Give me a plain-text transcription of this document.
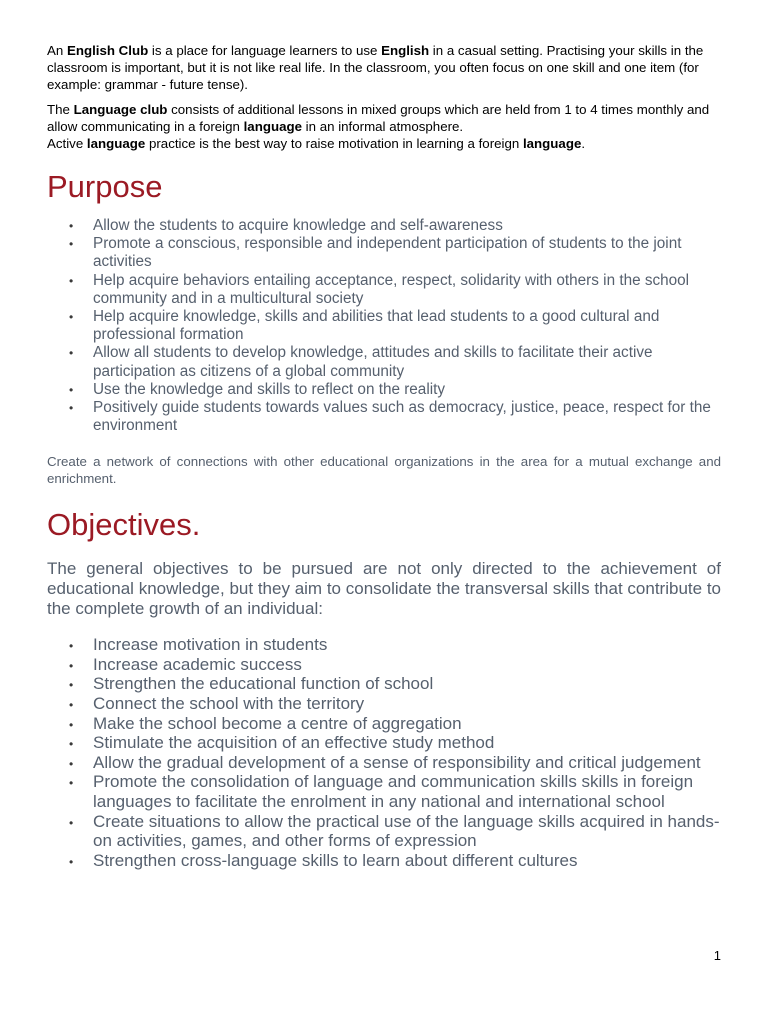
An English Club is a place for language learners to use English in a casual setting. Practising your skills in the classroom is important, but it is not like real life. In the classroom, you often focus on one skill and one item (for example: grammar - future tense).

The Language club consists of additional lessons in mixed groups which are held from 1 to 4 times monthly and allow communicating in a foreign language in an informal atmosphere.
Active language practice is the best way to raise motivation in learning a foreign language.

Purpose
• Allow the students to acquire knowledge and self-awareness
• Promote a conscious, responsible and independent participation of students to the joint activities
• Help acquire behaviors entailing acceptance, respect, solidarity with others in the school community and in a multicultural society
• Help acquire knowledge, skills and abilities that lead students to a good cultural and professional formation
• Allow all students to develop knowledge, attitudes and skills to facilitate their active participation as citizens of a global community
• Use the knowledge and skills to reflect on the reality
• Positively guide students towards values such as democracy, justice, peace, respect for the environment

Create a network of connections with other educational organizations in the area for a mutual exchange and enrichment.

Objectives.

The general objectives to be pursued are not only directed to the achievement of educational knowledge, but they aim to consolidate the transversal skills that contribute to the complete growth of an individual:

• Increase motivation in students
• Increase academic success
• Strengthen the educational function of school
• Connect the school with the territory
• Make the school become a centre of aggregation
• Stimulate the acquisition of an effective study method
• Allow the gradual development of a sense of responsibility and critical judgement
• Promote the consolidation of language and communication skills skills in foreign languages to facilitate the enrolment in any national and international school
• Create situations to allow the practical use of the language skills acquired in hands-on activities, games, and other forms of expression
• Strengthen cross-language skills to learn about different cultures
1
